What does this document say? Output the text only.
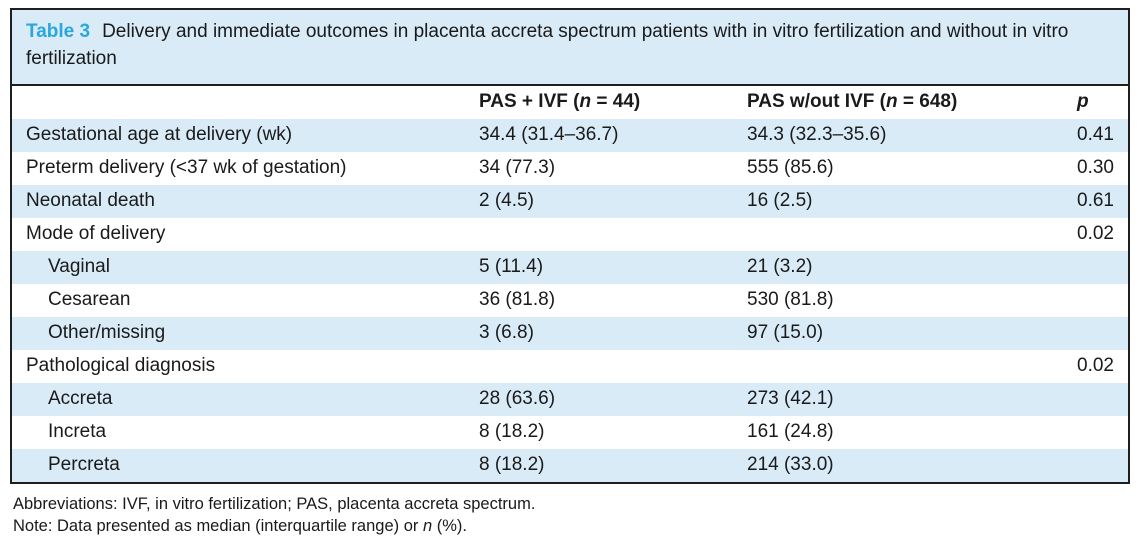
Table 3 Delivery and immediate outcomes in placenta accreta spectrum patients with in vitro fertilization and without in vitro fertilization
	PAS + IVF (n = 44)	PAS w/out IVF (n = 648)	p
Gestational age at delivery (wk)	34.4 (31.4–36.7)	34.3 (32.3–35.6)	0.41
Preterm delivery (<37 wk of gestation)	34 (77.3)	555 (85.6)	0.30
Neonatal death	2 (4.5)	16 (2.5)	0.61
Mode of delivery			0.02
Vaginal	5 (11.4)	21 (3.2)	
Cesarean	36 (81.8)	530 (81.8)	
Other/missing	3 (6.8)	97 (15.0)	
Pathological diagnosis			0.02
Accreta	28 (63.6)	273 (42.1)	
Increta	8 (18.2)	161 (24.8)	
Percreta	8 (18.2)	214 (33.0)	
Abbreviations: IVF, in vitro fertilization; PAS, placenta accreta spectrum.
Note: Data presented as median (interquartile range) or n (%).
